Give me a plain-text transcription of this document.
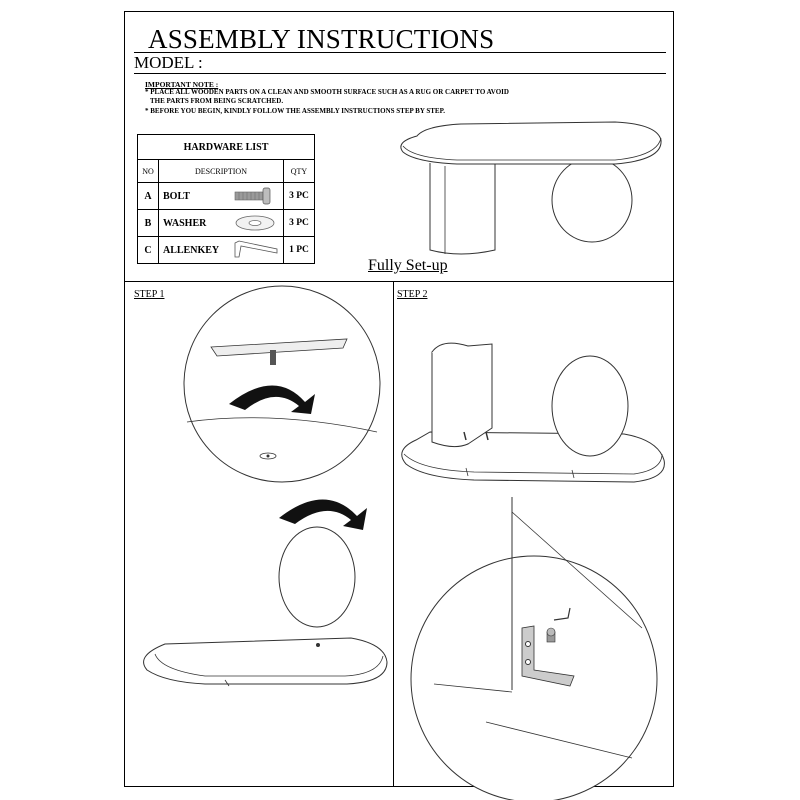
ASSEMBLY INSTRUCTIONS
MODEL :
IMPORTANT NOTE :
* PLACE ALL WOODEN PARTS ON A CLEAN AND SMOOTH SURFACE SUCH AS A RUG OR CARPET TO AVOID
THE PARTS FROM BEING SCRATCHED.
* BEFORE YOU BEGIN, KINDLY FOLLOW THE ASSEMBLY INSTRUCTIONS STEP BY STEP.
HARDWARE LIST		
NO	DESCRIPTION	QTY
A	BOLT	3 PC
B	WASHER	3 PC
C	ALLENKEY	1 PC
Fully Set-up
STEP 1	STEP 2
